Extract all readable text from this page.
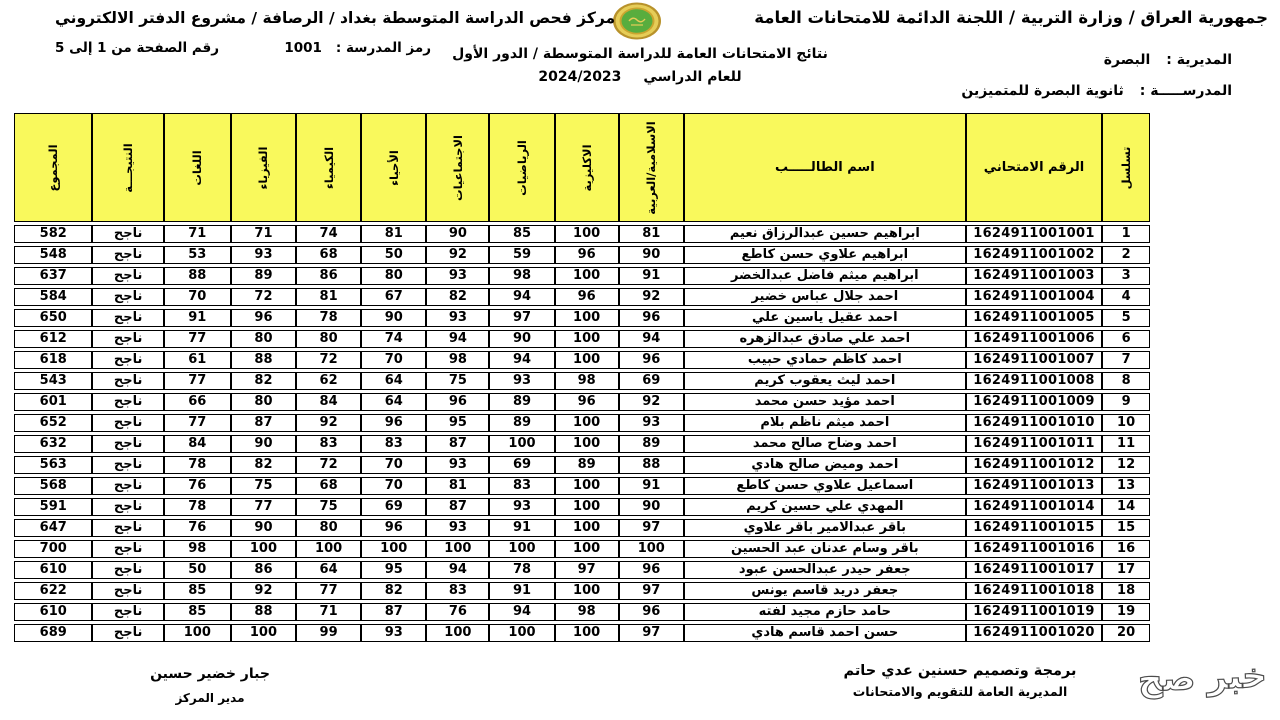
جمهورية العراق / وزارة التربية / اللجنة الدائمة للامتحانات العامة
مركز فحص الدراسة المتوسطة بغداد / الرصافة / مشروع الدفتر الالكتروني
رمز المدرسة :1001
رقم الصفحة من 1 إلى 5	نتائج الامتحانات العامة للدراسة المتوسطة / الدور الأول
للعام الدراسي2024/2023
المديرية :البصرة
المدرســـــة :ثانوية البصرة للمتميزين
تسلسل	الرقم الامتحاني	اسم الطالـــــب	الاسلامية/العربية	الاكليزية	الرياضيات	الاجتماعيات	الأحياء	الكيمياء	الفيزياء	اللغات	النتيجـــة	المجموع

1	1624911001001	ابراهيم حسين عبدالرزاق نعيم	81	100	85	90	81	74	71	71	ناجح	582
2	1624911001002	ابراهيم علاوي حسن كاطع	90	96	59	92	50	68	93	53	ناجح	548
3	1624911001003	ابراهيم ميثم فاضل عبدالخضر	91	100	98	93	80	86	89	88	ناجح	637
4	1624911001004	احمد جلال عباس خضير	92	96	94	82	67	81	72	70	ناجح	584
5	1624911001005	احمد عقيل ياسين علي	96	100	97	93	90	78	96	91	ناجح	650
6	1624911001006	احمد علي صادق عبدالزهره	94	100	90	94	74	80	80	77	ناجح	612
7	1624911001007	احمد كاظم حمادي حبيب	96	100	94	98	70	72	88	61	ناجح	618
8	1624911001008	احمد ليث يعقوب كريم	69	98	93	75	64	62	82	77	ناجح	543
9	1624911001009	احمد مؤيد حسن محمد	92	96	89	96	64	84	80	66	ناجح	601
10	1624911001010	احمد ميثم ناظم بلام	93	100	89	95	96	92	87	77	ناجح	652
11	1624911001011	احمد وضاح صالح محمد	89	100	100	87	83	83	90	84	ناجح	632
12	1624911001012	احمد وميض صالح هادي	88	89	69	93	70	72	82	78	ناجح	563
13	1624911001013	اسماعيل علاوي حسن كاطع	91	100	83	81	70	68	75	76	ناجح	568
14	1624911001014	المهدي علي حسين كريم	90	100	93	87	69	75	77	78	ناجح	591
15	1624911001015	باقر عبدالامير باقر علاوي	97	100	91	93	96	80	90	76	ناجح	647
16	1624911001016	باقر وسام عدنان عبد الحسين	100	100	100	100	100	100	100	98	ناجح	700
17	1624911001017	جعفر حيدر عبدالحسن عبود	96	97	78	94	95	64	86	50	ناجح	610
18	1624911001018	جعفر دريد قاسم يونس	97	100	91	83	82	77	92	85	ناجح	622
19	1624911001019	حامد حازم مجيد لفته	96	98	94	76	87	71	88	85	ناجح	610
20	1624911001020	حسن احمد قاسم هادي	97	100	100	100	93	99	100	100	ناجح	689
جبار خضير حسين
مدير المركز
برمجة وتصميم حسنين عدي حاتم
المديرية العامة للتقويم والامتحانات	خبر صح
